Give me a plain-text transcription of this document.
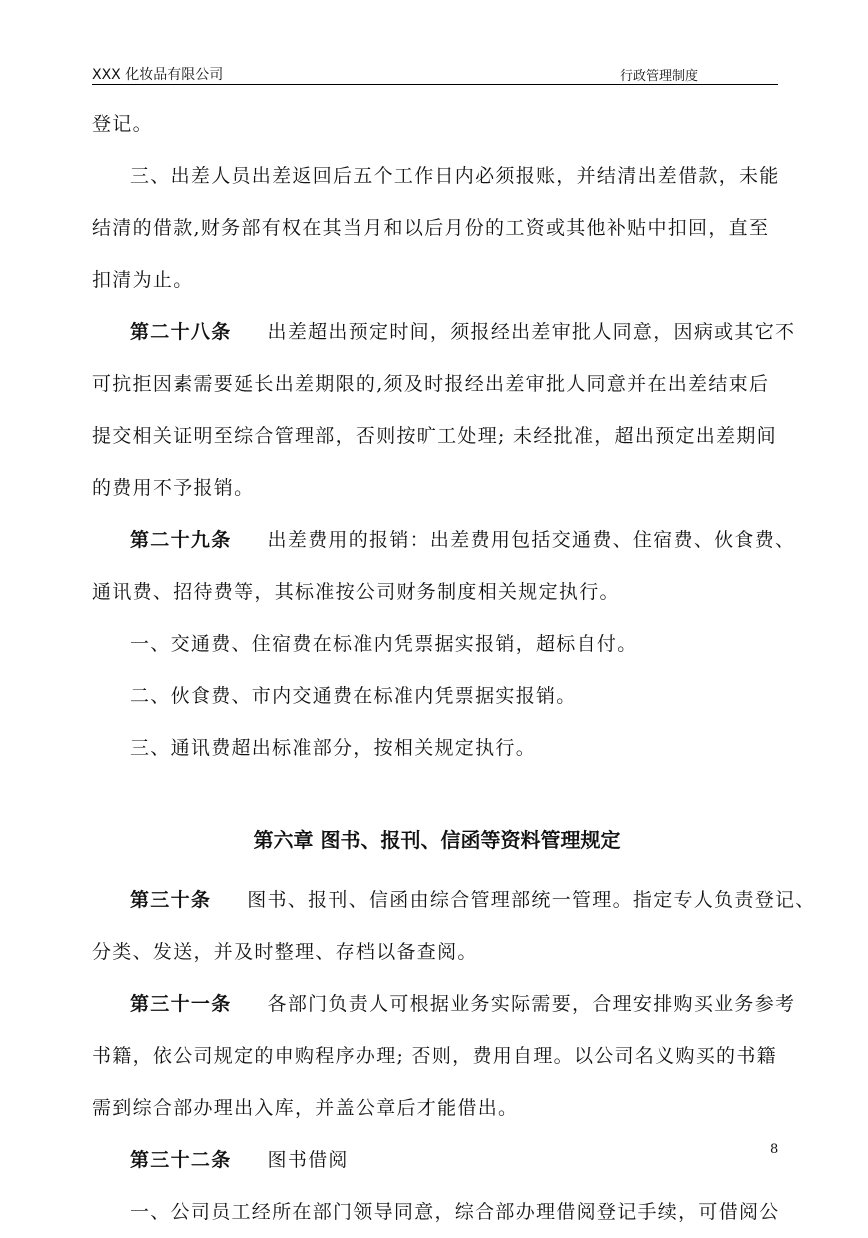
XXX 化妆品有限公司	行政管理制度
登记。
三、出差人员出差返回后五个工作日内必须报账，并结清出差借款，未能
结清的借款,财务部有权在其当月和以后月份的工资或其他补贴中扣回，直至
扣清为止。
第二十八条 出差超出预定时间，须报经出差审批人同意，因病或其它不
可抗拒因素需要延长出差期限的,须及时报经出差审批人同意并在出差结束后
提交相关证明至综合管理部，否则按旷工处理; 未经批准，超出预定出差期间
的费用不予报销。
第二十九条 出差费用的报销：出差费用包括交通费、住宿费、伙食费、
通讯费、招待费等，其标准按公司财务制度相关规定执行。
一、交通费、住宿费在标准内凭票据实报销，超标自付。
二、伙食费、市内交通费在标准内凭票据实报销。
三、通讯费超出标准部分，按相关规定执行。
第六章 图书、报刊、信函等资料管理规定
第三十条 图书、报刊、信函由综合管理部统一管理。指定专人负责登记、
分类、发送，并及时整理、存档以备查阅。
第三十一条 各部门负责人可根据业务实际需要，合理安排购买业务参考
书籍，依公司规定的申购程序办理; 否则，费用自理。以公司名义购买的书籍
需到综合部办理出入库，并盖公章后才能借出。
第三十二条 图书借阅
一、公司员工经所在部门领导同意，综合部办理借阅登记手续，可借阅公
8
